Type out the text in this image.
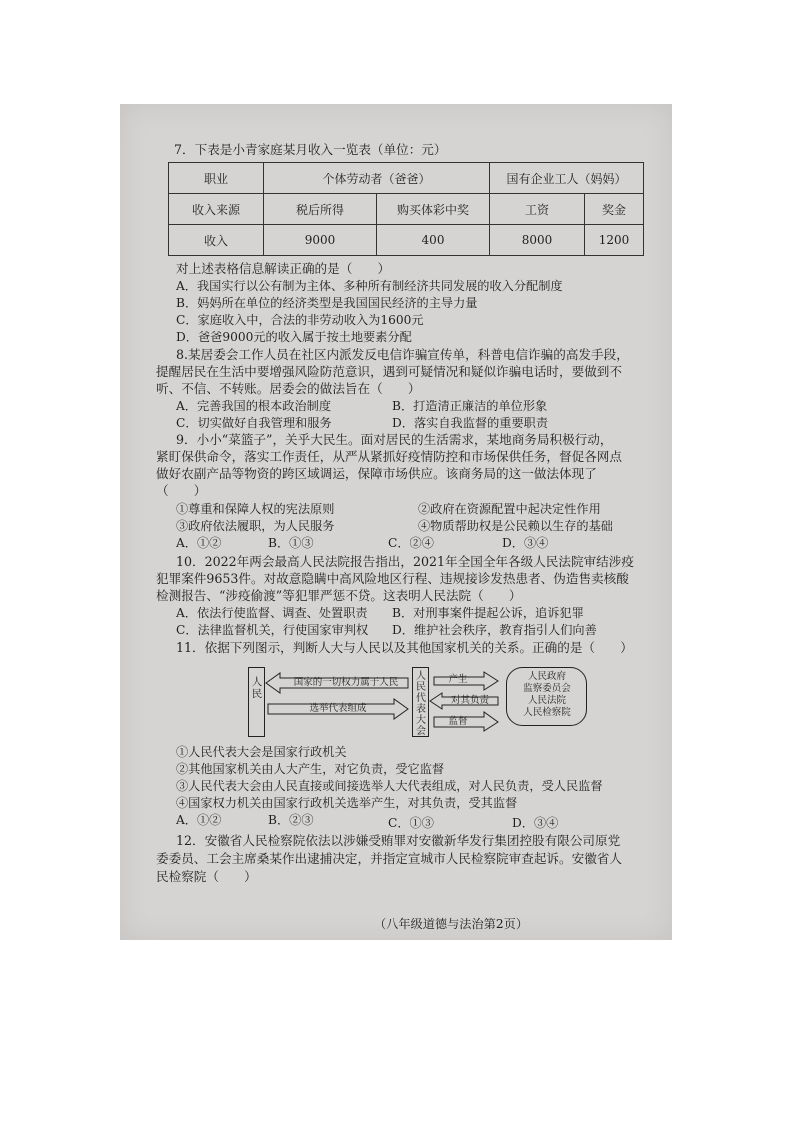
7．下表是小青家庭某月收入一览表（单位：元）
职业	个体劳动者（爸爸）		国有企业工人（妈妈）	
收入来源	税后所得	购买体彩中奖	工资	奖金
收入	9000	400	8000	1200
对上述表格信息解读正确的是（　　）
A．我国实行以公有制为主体、多种所有制经济共同发展的收入分配制度
B．妈妈所在单位的经济类型是我国国民经济的主导力量
C．家庭收入中，合法的非劳动收入为1600元
D．爸爸9000元的收入属于按土地要素分配
8.某居委会工作人员在社区内派发反电信诈骗宣传单，科普电信诈骗的高发手段，
提醒居民在生活中要增强风险防范意识，遇到可疑情况和疑似诈骗电话时，要做到不
听、不信、不转账。居委会的做法旨在（　　）
A．完善我国的根本政治制度	B．打造清正廉洁的单位形象
C．切实做好自我管理和服务	D．落实自我监督的重要职责
9．小小“菜篮子”，关乎大民生。面对居民的生活需求，某地商务局积极行动，
紧盯保供命令，落实工作责任，从严从紧抓好疫情防控和市场保供任务，督促各网点
做好农副产品等物资的跨区域调运，保障市场供应。该商务局的这一做法体现了
（　　）
①尊重和保障人权的宪法原则	②政府在资源配置中起决定性作用
③政府依法履职，为人民服务	④物质帮助权是公民赖以生存的基础
A．①②	B．①③	C．②④	D．③④
10．2022年两会最高人民法院报告指出，2021年全国全年各级人民法院审结涉疫
犯罪案件9653件。对故意隐瞒中高风险地区行程、违规接诊发热患者、伪造售卖核酸
检测报告、“涉疫偷渡”等犯罪严惩不贷。这表明人民法院（　　）
A．依法行使监督、调查、处置职责 B．对刑事案件提起公诉，追诉犯罪
C．法律监督机关，行使国家审判权 D．维护社会秩序，教育指引人们向善
11．依据下列图示，判断人大与人民以及其他国家机关的关系。正确的是（　　）
人民
国家的一切权力属于人民
选举代表组成
人民代表大会
产生
对其负责
监督
人民政府
监察委员会
人民法院
人民检察院
①人民代表大会是国家行政机关
②其他国家机关由人大产生，对它负责，受它监督
③人民代表大会由人民直接或间接选举人大代表组成，对人民负责，受人民监督
④国家权力机关由国家行政机关选举产生，对其负责，受其监督
A．①②	B．②③	C．①③	D．③④
12．安徽省人民检察院依法以涉嫌受贿罪对安徽新华发行集团控股有限公司原党
委委员、工会主席桑某作出逮捕决定，并指定宣城市人民检察院审查起诉。安徽省人
民检察院（　　）
（八年级道德与法治第2页）
